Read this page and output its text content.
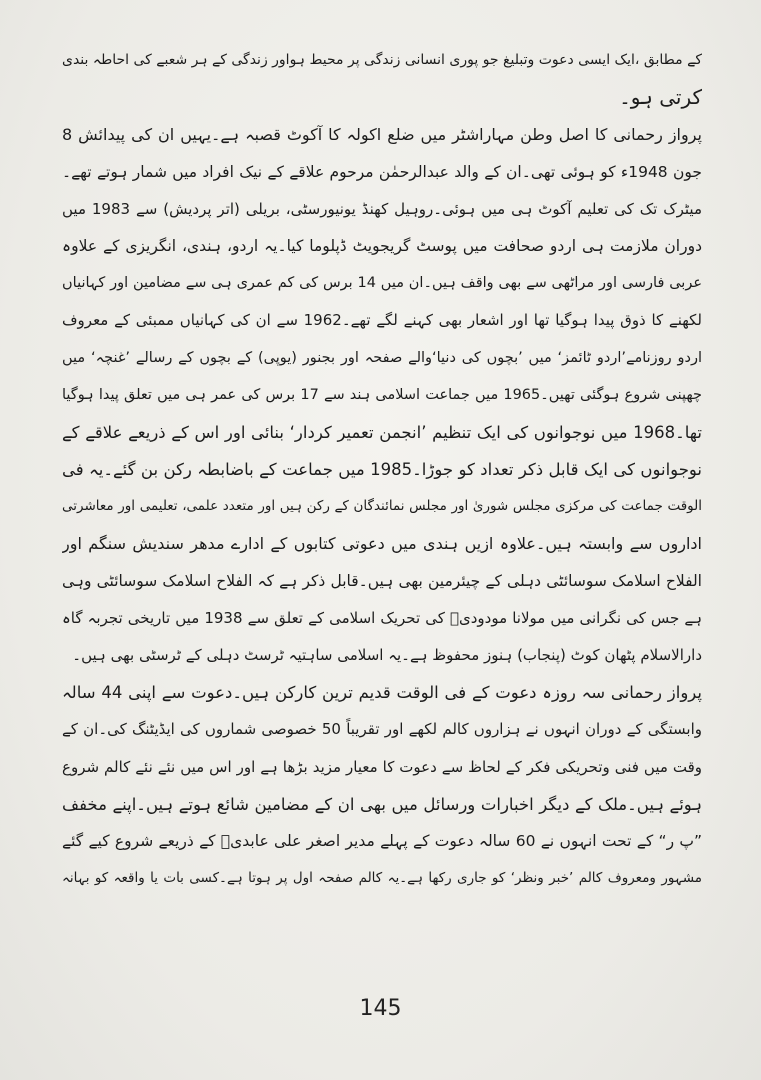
کے مطابق ،ایک ایسی دعوت وتبلیغ جو پوری انسانی زندگی پر محیط ہواور زندگی کے ہر شعبے کی احاطہ بندی
کرتی ہو۔
پرواز رحمانی کا اصل وطن مہاراشٹر میں ضلع اکولہ کا آکوٹ قصبہ ہے۔یہیں ان کی پیدائش 8
جون 1948ء کو ہوئی تھی۔ان کے والد عبدالرحمٰن مرحوم علاقے کے نیک افراد میں شمار ہوتے تھے۔
میٹرک تک کی تعلیم آکوٹ ہی میں ہوئی۔روہیل کھنڈ یونیورسٹی، بریلی (اتر پردیش) سے 1983 میں
دوران ملازمت ہی اردو صحافت میں پوسٹ گریجویٹ ڈپلوما کیا۔یہ اردو، ہندی، انگریزی کے علاوہ
عربی فارسی اور مراٹھی سے بھی واقف ہیں۔ان میں 14 برس کی کم عمری ہی سے مضامین اور کہانیاں
لکھنے کا ذوق پیدا ہوگیا تھا اور اشعار بھی کہنے لگے تھے۔1962 سے ان کی کہانیاں ممبئی کے معروف
اردو روزنامے’اردو ٹائمز‘ میں ’بچوں کی دنیا‘والے صفحہ اور بجنور (یوپی) کے بچوں کے رسالے ’غنچہ‘ میں
چھپنی شروع ہوگئی تھیں۔1965 میں جماعت اسلامی ہند سے 17 برس کی عمر ہی میں تعلق پیدا ہوگیا
تھا۔1968 میں نوجوانوں کی ایک تنظیم ’انجمن تعمیر کردار‘ بنائی اور اس کے ذریعے علاقے کے
نوجوانوں کی ایک قابل ذکر تعداد کو جوڑا۔1985 میں جماعت کے باضابطہ رکن بن گئے۔یہ فی
الوقت جماعت کی مرکزی مجلس شوریٰ اور مجلس نمائندگان کے رکن ہیں اور متعدد علمی، تعلیمی اور معاشرتی
اداروں سے وابستہ ہیں۔علاوہ ازیں ہندی میں دعوتی کتابوں کے ادارے مدھر سندیش سنگم اور
الفلاح اسلامک سوسائٹی دہلی کے چیئرمین بھی ہیں۔قابل ذکر ہے کہ الفلاح اسلامک سوسائٹی وہی
ہے جس کی نگرانی میں مولانا مودودیؒ کی تحریک اسلامی کے تعلق سے 1938 میں تاریخی تجربہ گاہ
دارالاسلام پٹھان کوٹ (پنجاب) ہنوز محفوظ ہے۔یہ اسلامی ساہتیہ ٹرسٹ دہلی کے ٹرسٹی بھی ہیں۔
پرواز رحمانی سہ روزہ دعوت کے فی الوقت قدیم ترین کارکن ہیں۔دعوت سے اپنی 44 سالہ
وابستگی کے دوران انہوں نے ہزاروں کالم لکھے اور تقریباً 50 خصوصی شماروں کی ایڈیٹنگ کی۔ان کے
وقت میں فنی وتحریکی فکر کے لحاظ سے دعوت کا معیار مزید بڑھا ہے اور اس میں نئے نئے کالم شروع
ہوئے ہیں۔ملک کے دیگر اخبارات ورسائل میں بھی ان کے مضامین شائع ہوتے ہیں۔اپنے مخفف
”پ ر“ کے تحت انہوں نے 60 سالہ دعوت کے پہلے مدیر اصغر علی عابدیؒ کے ذریعے شروع کیے گئے
مشہور ومعروف کالم ’خبر ونظر‘ کو جاری رکھا ہے۔یہ کالم صفحہ اول پر ہوتا ہے۔کسی بات یا واقعہ کو بہانہ
145
